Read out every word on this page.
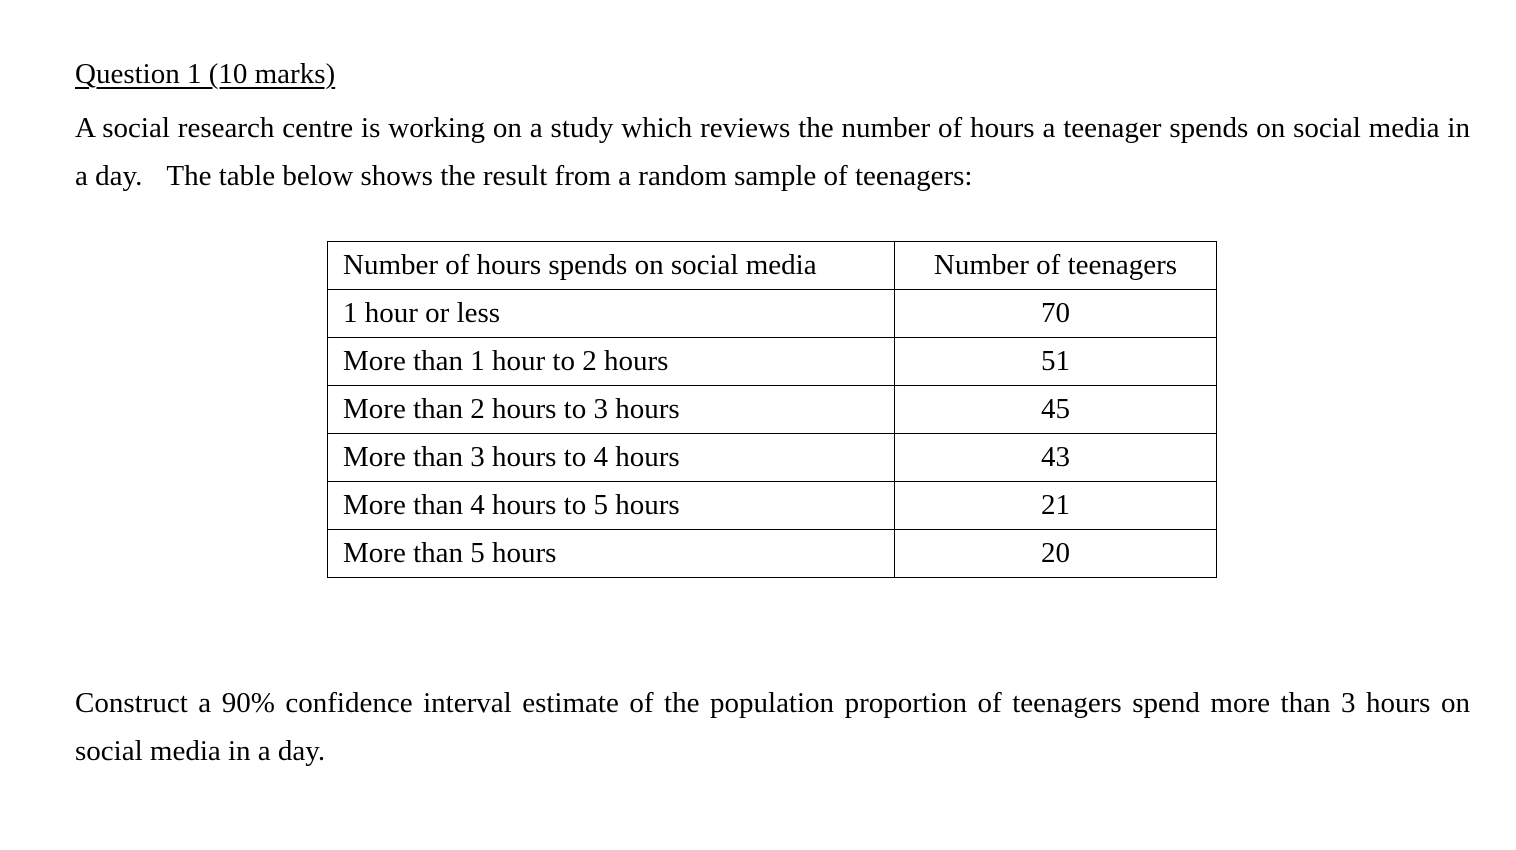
Question 1 (10 marks)

A social research centre is working on a study which reviews the number of hours a teenager spends on social media in a day. The table below shows the result from a random sample of teenagers:

Number of hours spends on social media	Number of teenagers
1 hour or less	70
More than 1 hour to 2 hours	51
More than 2 hours to 3 hours	45
More than 3 hours to 4 hours	43
More than 4 hours to 5 hours	21
More than 5 hours	20

Construct a 90% confidence interval estimate of the population proportion of teenagers spend more than 3 hours on social media in a day.
